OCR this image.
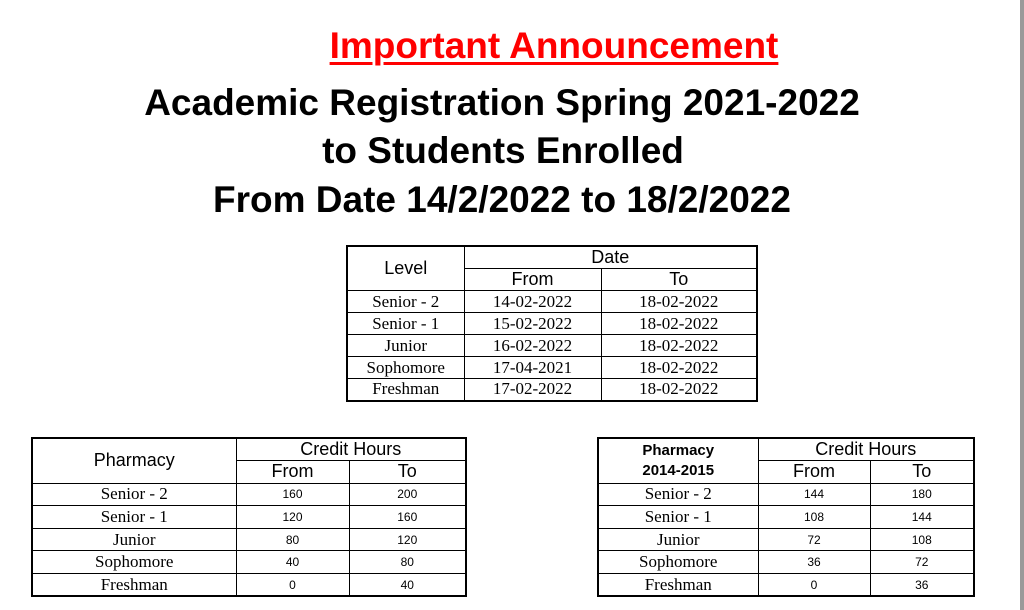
Important Announcement
Academic Registration Spring 2021-2022
to Students Enrolled
From Date 14/2/2022 to 18/2/2022
Level	Date	
	From	To
Senior - 2	14-02-2022	18-02-2022
Senior - 1	15-02-2022	18-02-2022
Junior	16-02-2022	18-02-2022
Sophomore	17-04-2021	18-02-2022
Freshman	17-02-2022	18-02-2022
Pharmacy	Credit Hours	
	From	To
Senior - 2	160	200
Senior - 1	120	160
Junior	80	120
Sophomore	40	80
Freshman	0	40
Pharmacy
2014-2015	Credit Hours	
	From	To
Senior - 2	144	180
Senior - 1	108	144
Junior	72	108
Sophomore	36	72
Freshman	0	36
